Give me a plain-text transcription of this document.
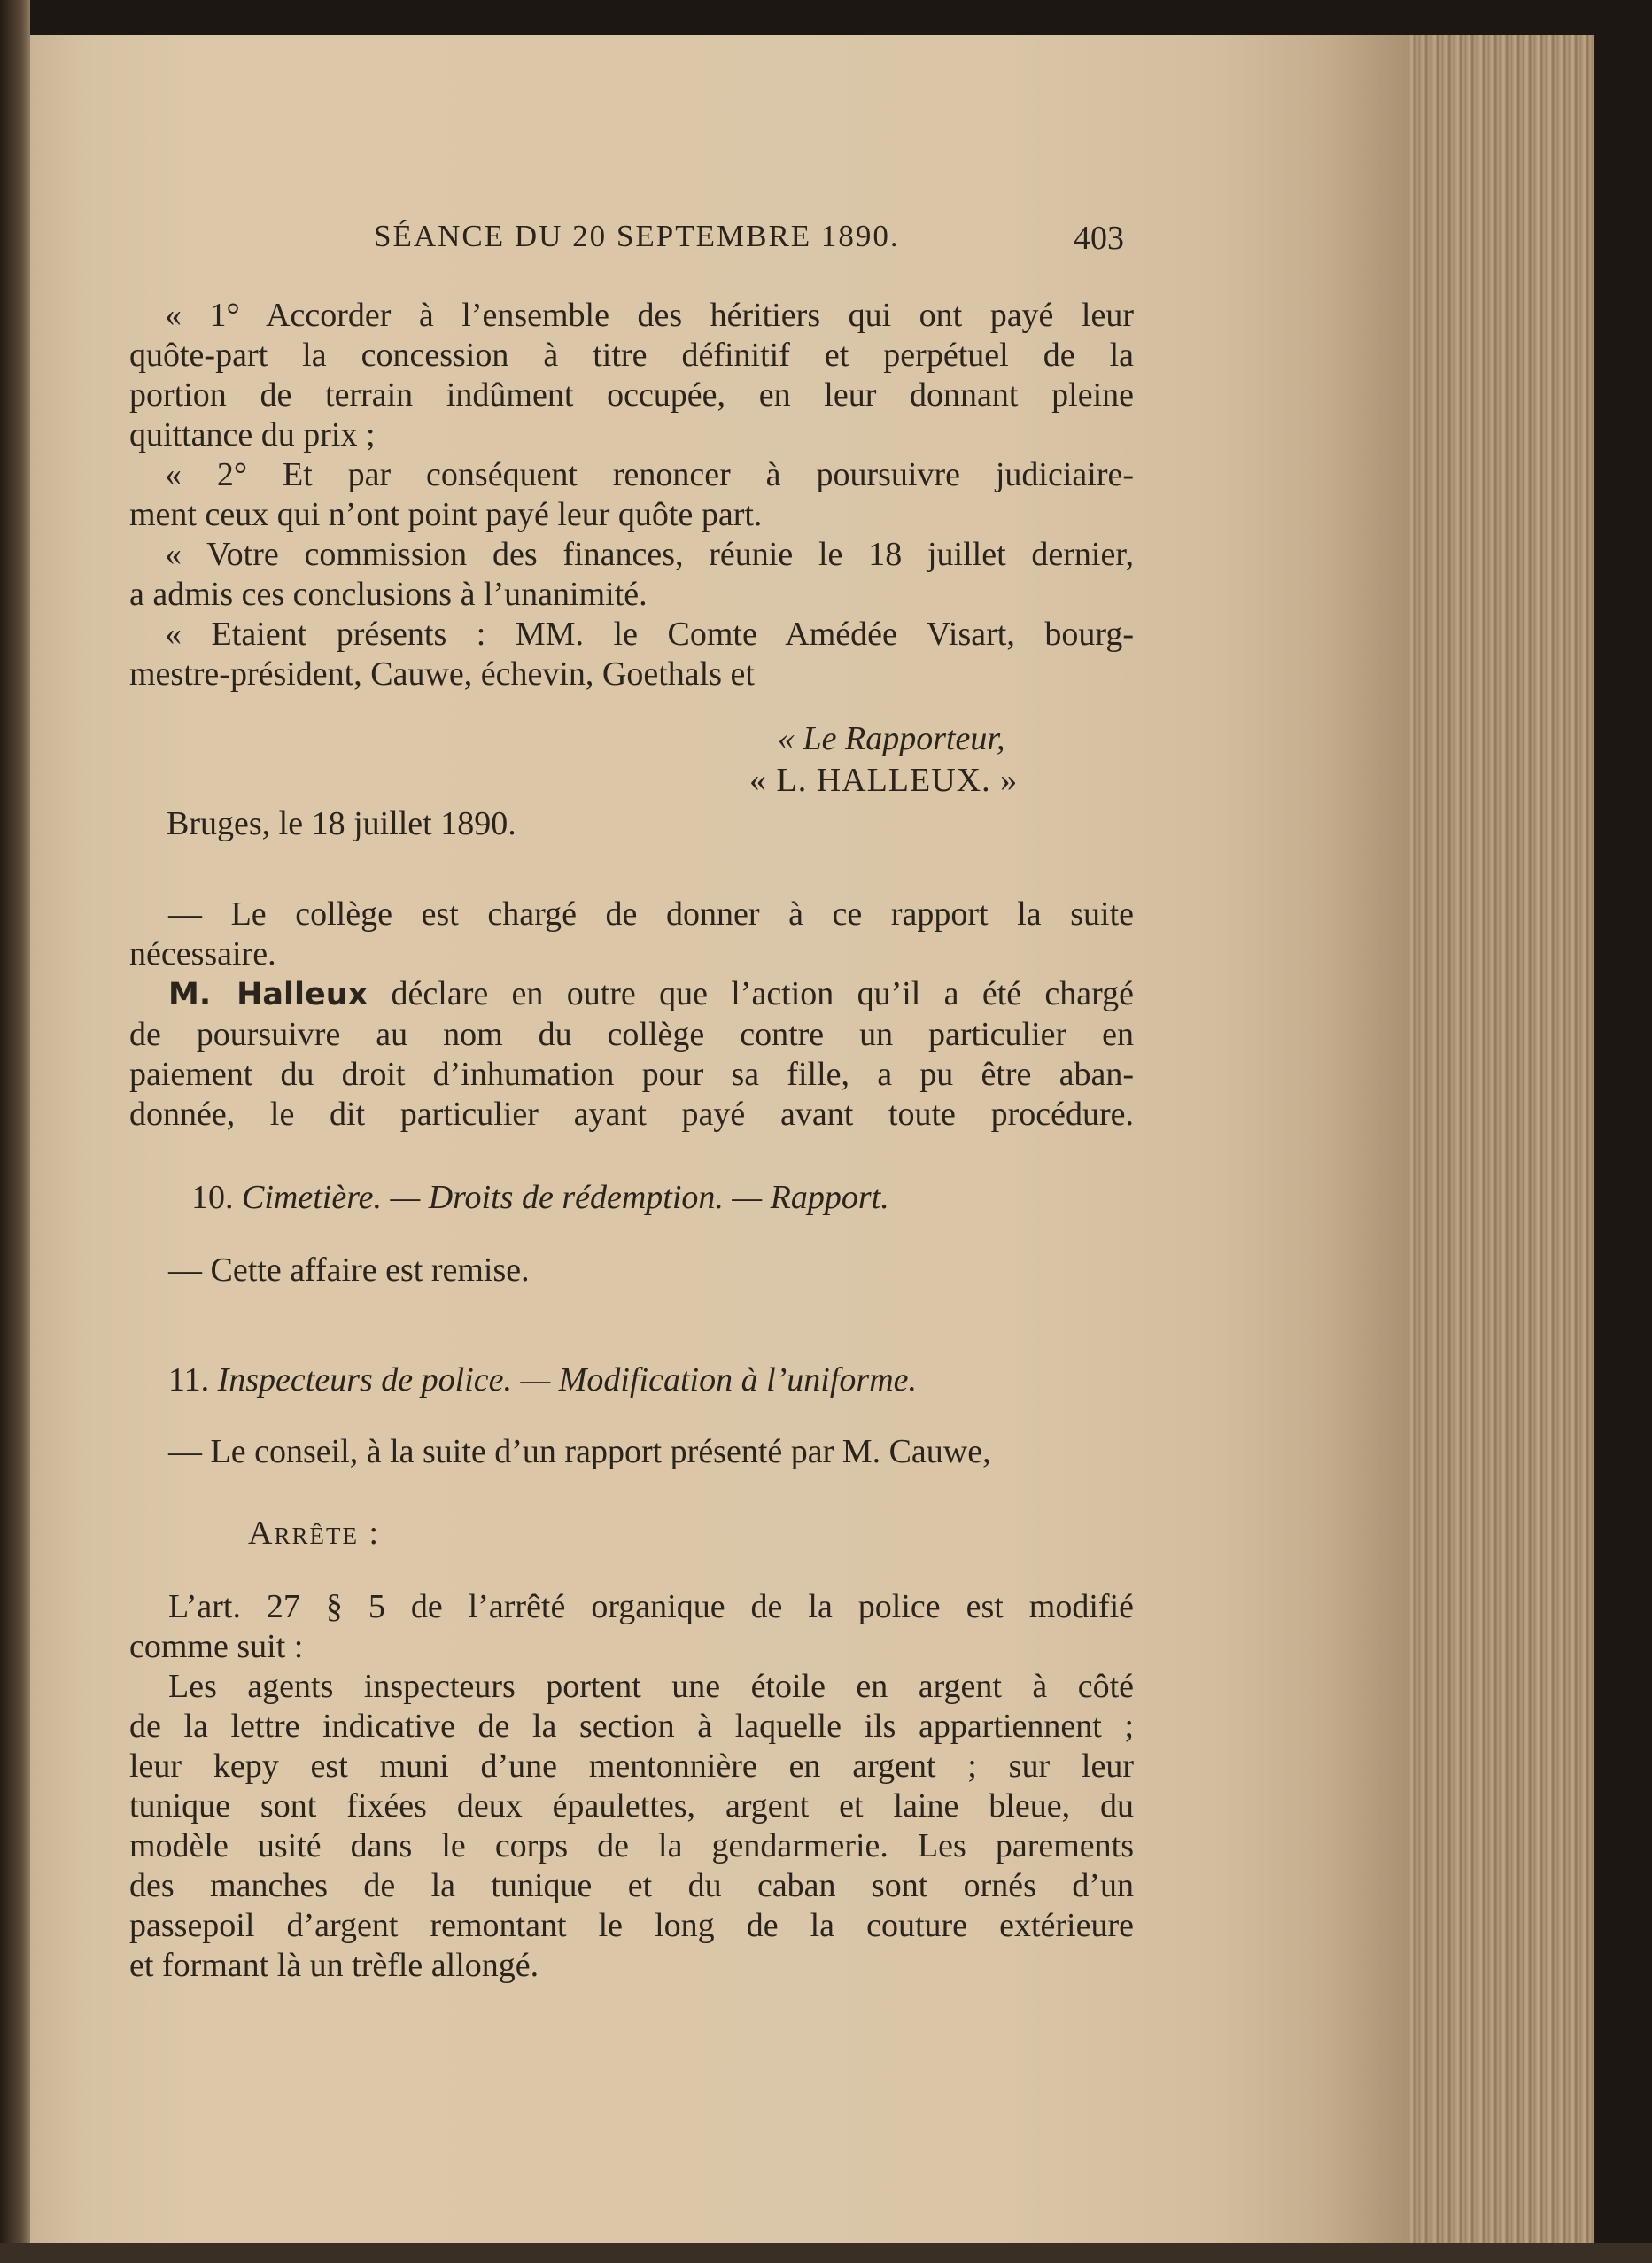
SÉANCE DU 20 SEPTEMBRE 1890.	403
« 1° Accorder à l’ensemble des héritiers qui ont payé leur
quôte-part la concession à titre définitif et perpétuel de la
portion de terrain indûment occupée, en leur donnant pleine
quittance du prix ;
« 2° Et par conséquent renoncer à poursuivre judiciaire-
ment ceux qui n’ont point payé leur quôte part.
« Votre commission des finances, réunie le 18 juillet dernier,
a admis ces conclusions à l’unanimité.
« Etaient présents : MM. le Comte Amédée Visart, bourg-
mestre-président, Cauwe, échevin, Goethals et
« Le Rapporteur,
« L. HALLEUX. »
Bruges, le 18 juillet 1890.
— Le collège est chargé de donner à ce rapport la suite
nécessaire.
M. Halleux déclare en outre que l’action qu’il a été chargé
de poursuivre au nom du collège contre un particulier en
paiement du droit d’inhumation pour sa fille, a pu être aban-
donnée, le dit particulier ayant payé avant toute procédure.
10. Cimetière. — Droits de rédemption. — Rapport.
— Cette affaire est remise.
11. Inspecteurs de police. — Modification à l’uniforme.
— Le conseil, à la suite d’un rapport présenté par M. Cauwe,
Arrête :
L’art. 27 § 5 de l’arrêté organique de la police est modifié
comme suit :
Les agents inspecteurs portent une étoile en argent à côté
de la lettre indicative de la section à laquelle ils appartiennent ;
leur kepy est muni d’une mentonnière en argent ; sur leur
tunique sont fixées deux épaulettes, argent et laine bleue, du
modèle usité dans le corps de la gendarmerie. Les parements
des manches de la tunique et du caban sont ornés d’un
passepoil d’argent remontant le long de la couture extérieure
et formant là un trèfle allongé.
